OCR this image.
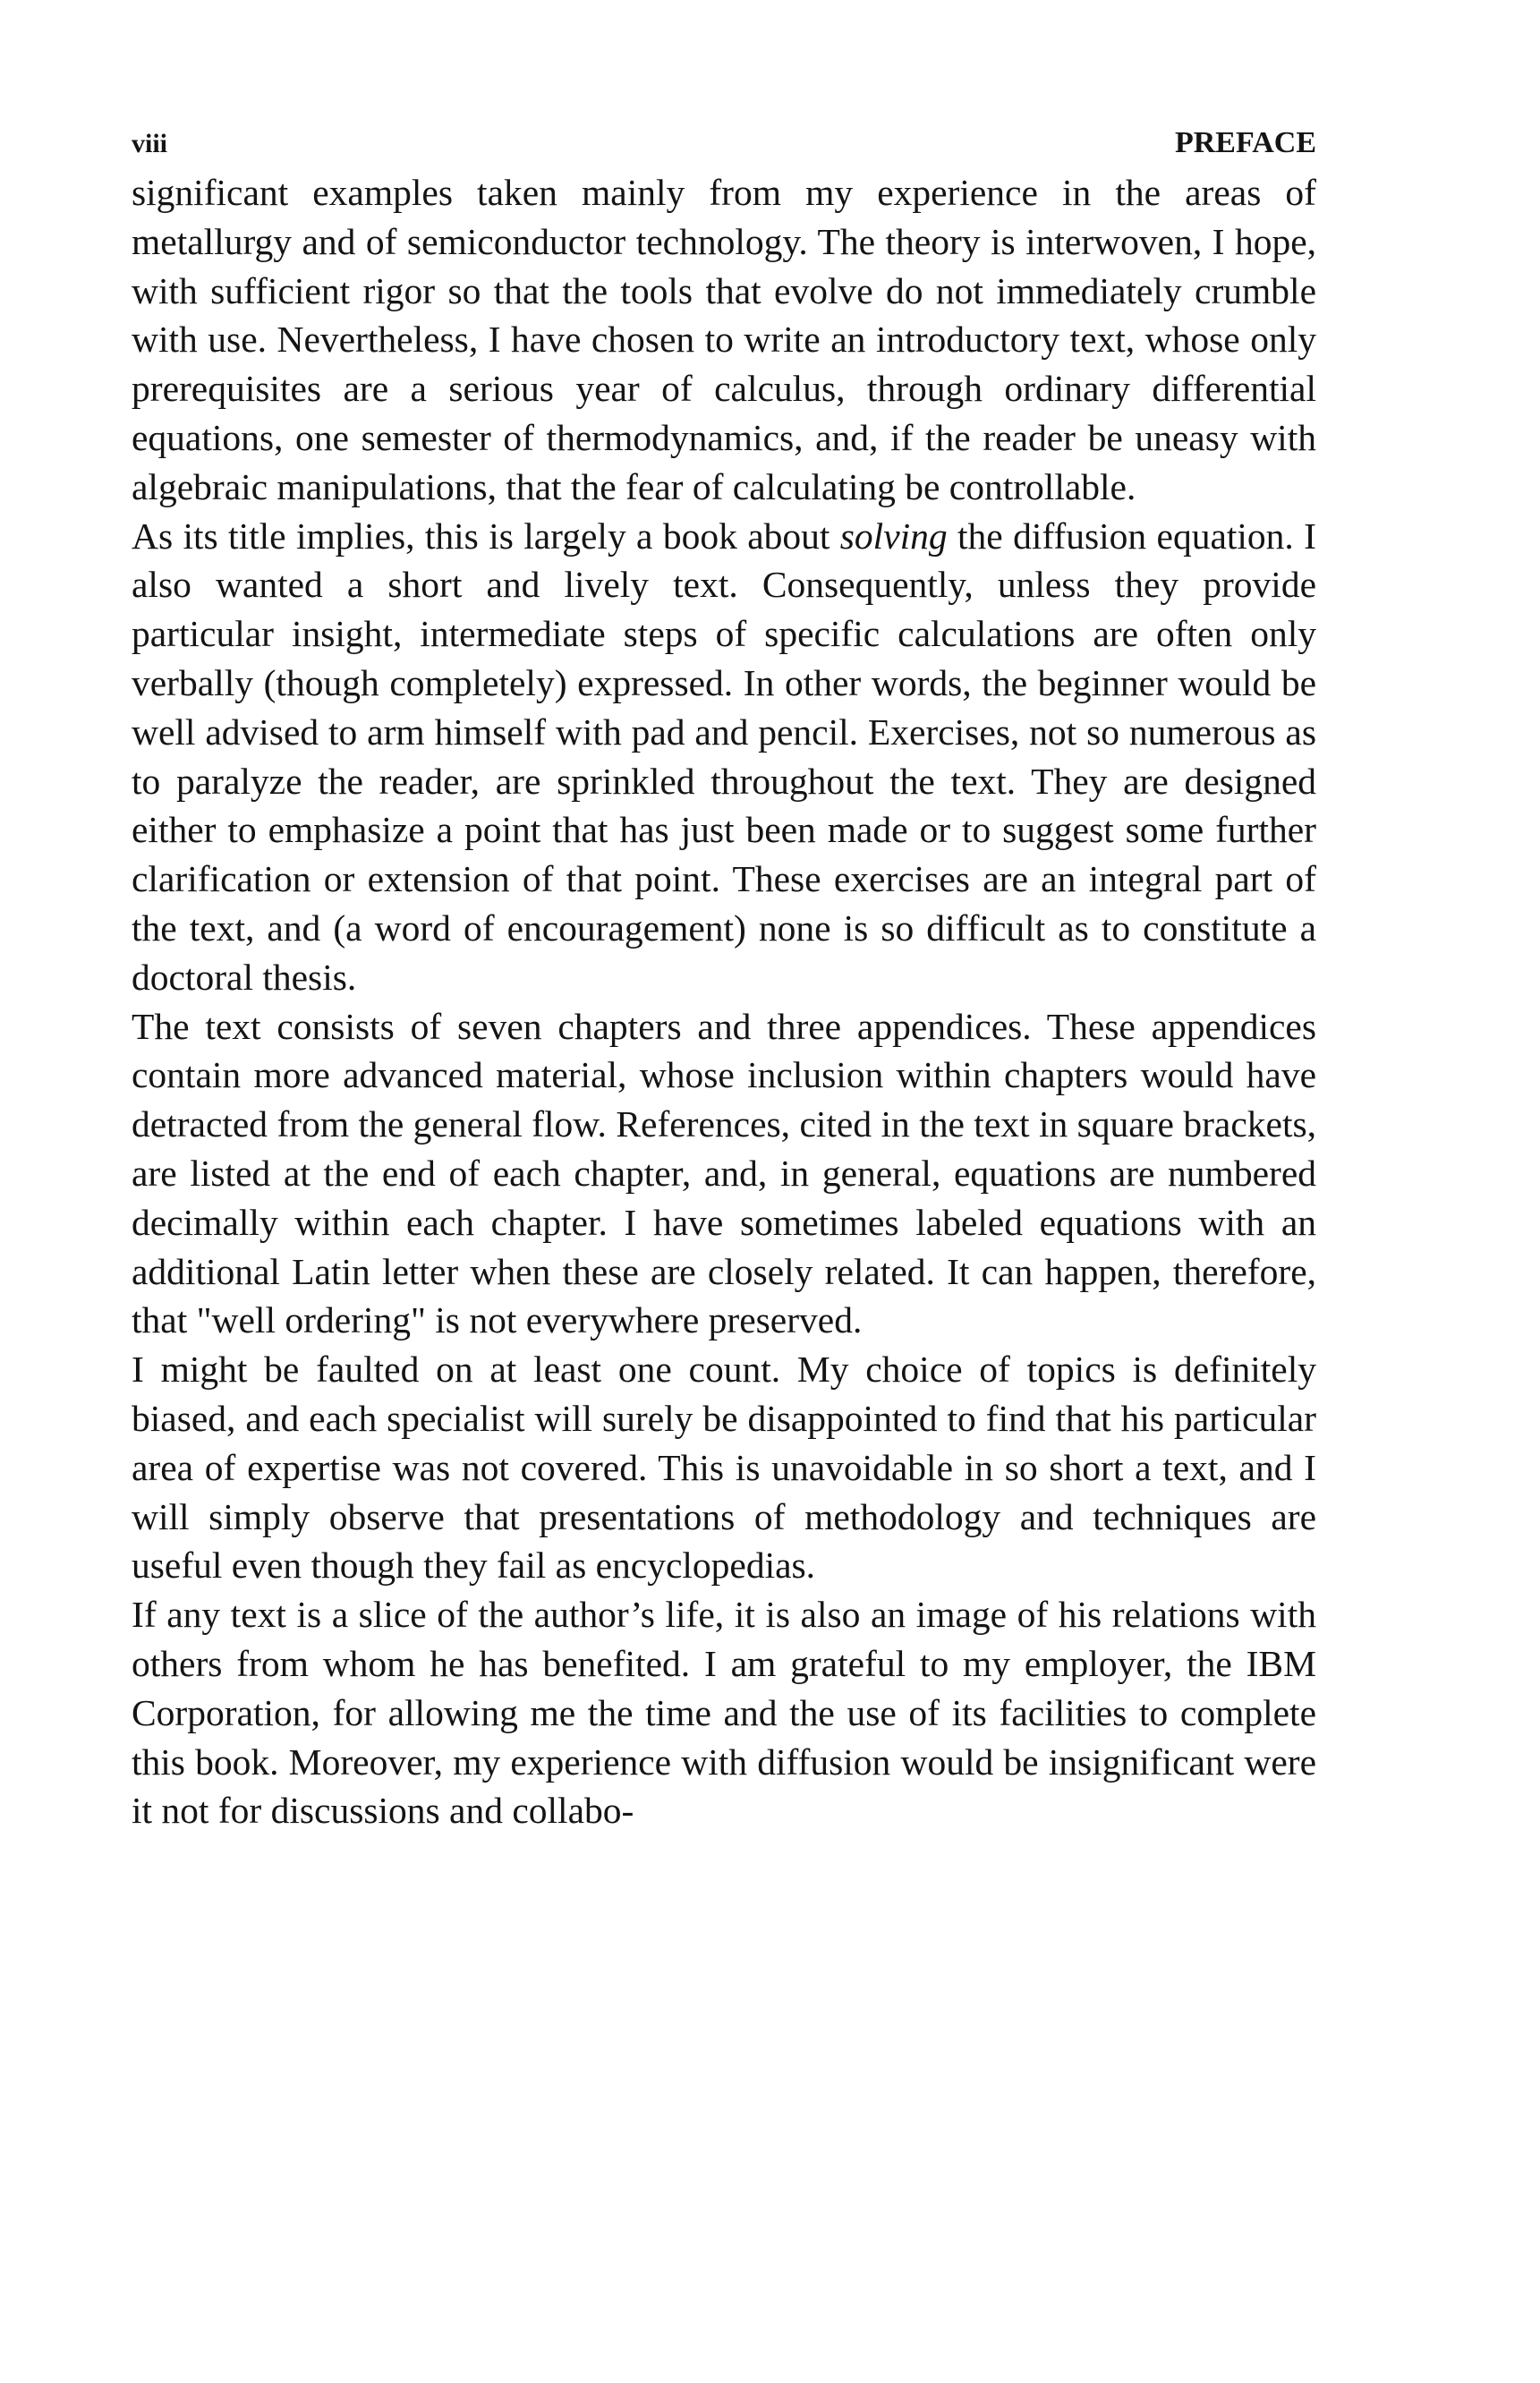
viii	PREFACE

significant examples taken mainly from my experience in the areas of metallurgy and of semiconductor technology. The theory is interwoven, I hope, with sufficient rigor so that the tools that evolve do not immediately crumble with use. Nevertheless, I have chosen to write an introductory text, whose only prerequisites are a serious year of calculus, through ordinary differential equations, one semester of thermodynamics, and, if the reader be uneasy with algebraic manipulations, that the fear of calculating be controllable.

As its title implies, this is largely a book about solving the diffusion equation. I also wanted a short and lively text. Consequently, unless they provide particular insight, intermediate steps of specific calculations are often only verbally (though completely) expressed. In other words, the beginner would be well advised to arm himself with pad and pencil. Exercises, not so numerous as to paralyze the reader, are sprinkled throughout the text. They are designed either to emphasize a point that has just been made or to suggest some further clarification or extension of that point. These exercises are an integral part of the text, and (a word of encouragement) none is so difficult as to constitute a doctoral thesis.

The text consists of seven chapters and three appendices. These appendices contain more advanced material, whose inclusion within chapters would have detracted from the general flow. References, cited in the text in square brackets, are listed at the end of each chapter, and, in general, equations are numbered decimally within each chapter. I have sometimes labeled equations with an additional Latin letter when these are closely related. It can happen, therefore, that "well ordering" is not everywhere preserved.

I might be faulted on at least one count. My choice of topics is definitely biased, and each specialist will surely be disappointed to find that his particular area of expertise was not covered. This is unavoidable in so short a text, and I will simply observe that presentations of methodology and techniques are useful even though they fail as encyclopedias.

If any text is a slice of the author’s life, it is also an image of his relations with others from whom he has benefited. I am grateful to my employer, the IBM Corporation, for allowing me the time and the use of its facilities to complete this book. Moreover, my experience with diffusion would be insignificant were it not for discussions and collabo-
